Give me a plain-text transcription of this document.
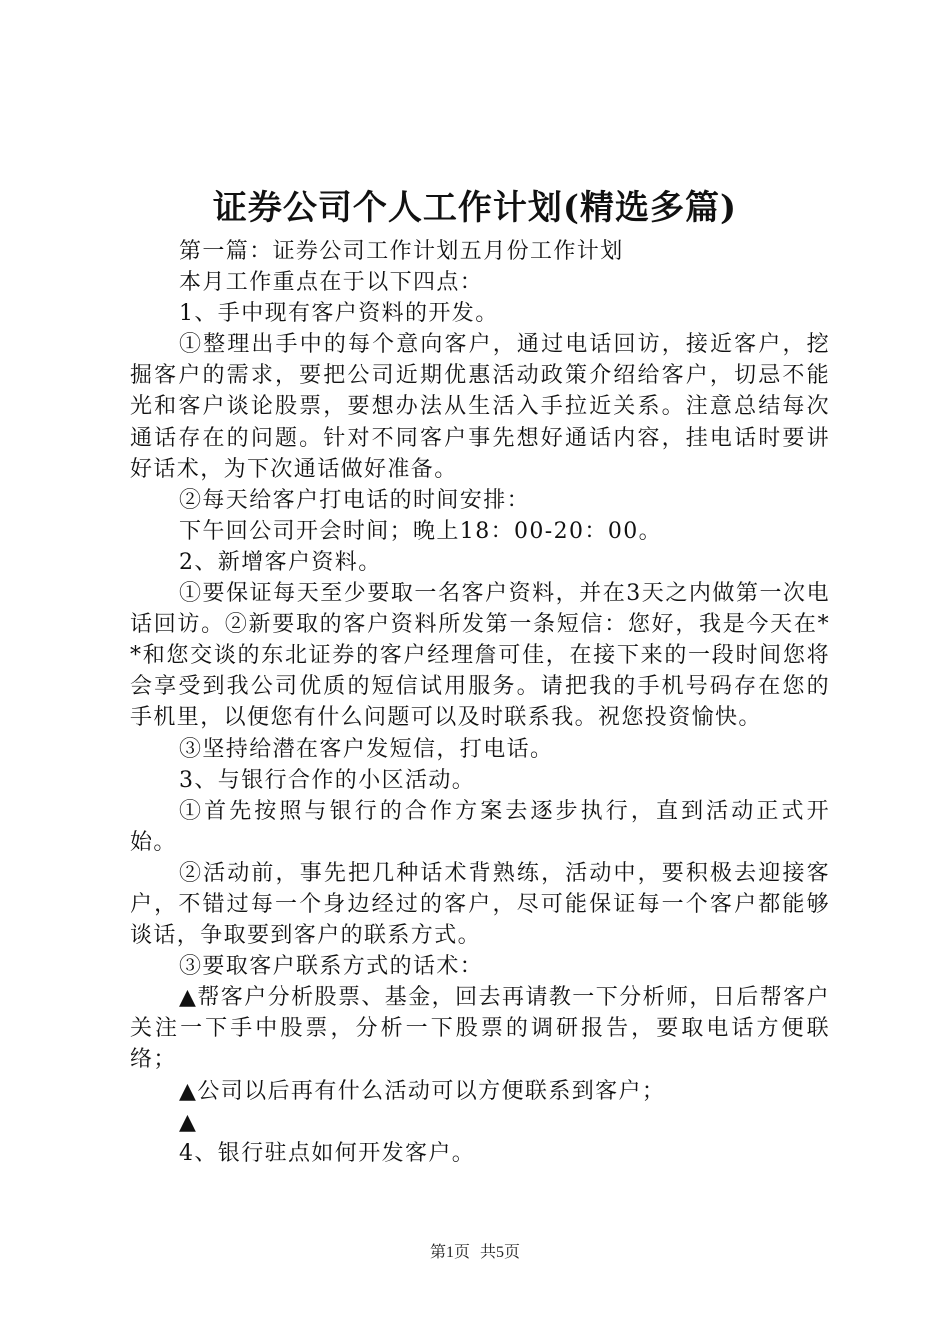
证券公司个人工作计划(精选多篇)

第一篇：证券公司工作计划五月份工作计划

本月工作重点在于以下四点：

1、手中现有客户资料的开发。

①整理出手中的每个意向客户，通过电话回访，接近客户，挖掘客户的需求，要把公司近期优惠活动政策介绍给客户，切忌不能光和客户谈论股票，要想办法从生活入手拉近关系。注意总结每次通话存在的问题。针对不同客户事先想好通话内容，挂电话时要讲好话术，为下次通话做好准备。

②每天给客户打电话的时间安排：

下午回公司开会时间；晚上18：00-20：00。

2、新增客户资料。

①要保证每天至少要取一名客户资料，并在3天之内做第一次电话回访。②新要取的客户资料所发第一条短信：您好，我是今天在**和您交谈的东北证券的客户经理詹可佳，在接下来的一段时间您将会享受到我公司优质的短信试用服务。请把我的手机号码存在您的手机里，以便您有什么问题可以及时联系我。祝您投资愉快。

③坚持给潜在客户发短信，打电话。

3、与银行合作的小区活动。

①首先按照与银行的合作方案去逐步执行，直到活动正式开始。

②活动前，事先把几种话术背熟练，活动中，要积极去迎接客户，不错过每一个身边经过的客户，尽可能保证每一个客户都能够谈话，争取要到客户的联系方式。

③要取客户联系方式的话术：

▲帮客户分析股票、基金，回去再请教一下分析师，日后帮客户关注一下手中股票，分析一下股票的调研报告，要取电话方便联络；

▲公司以后再有什么活动可以方便联系到客户；

▲

4、银行驻点如何开发客户。

第1页 共5页
